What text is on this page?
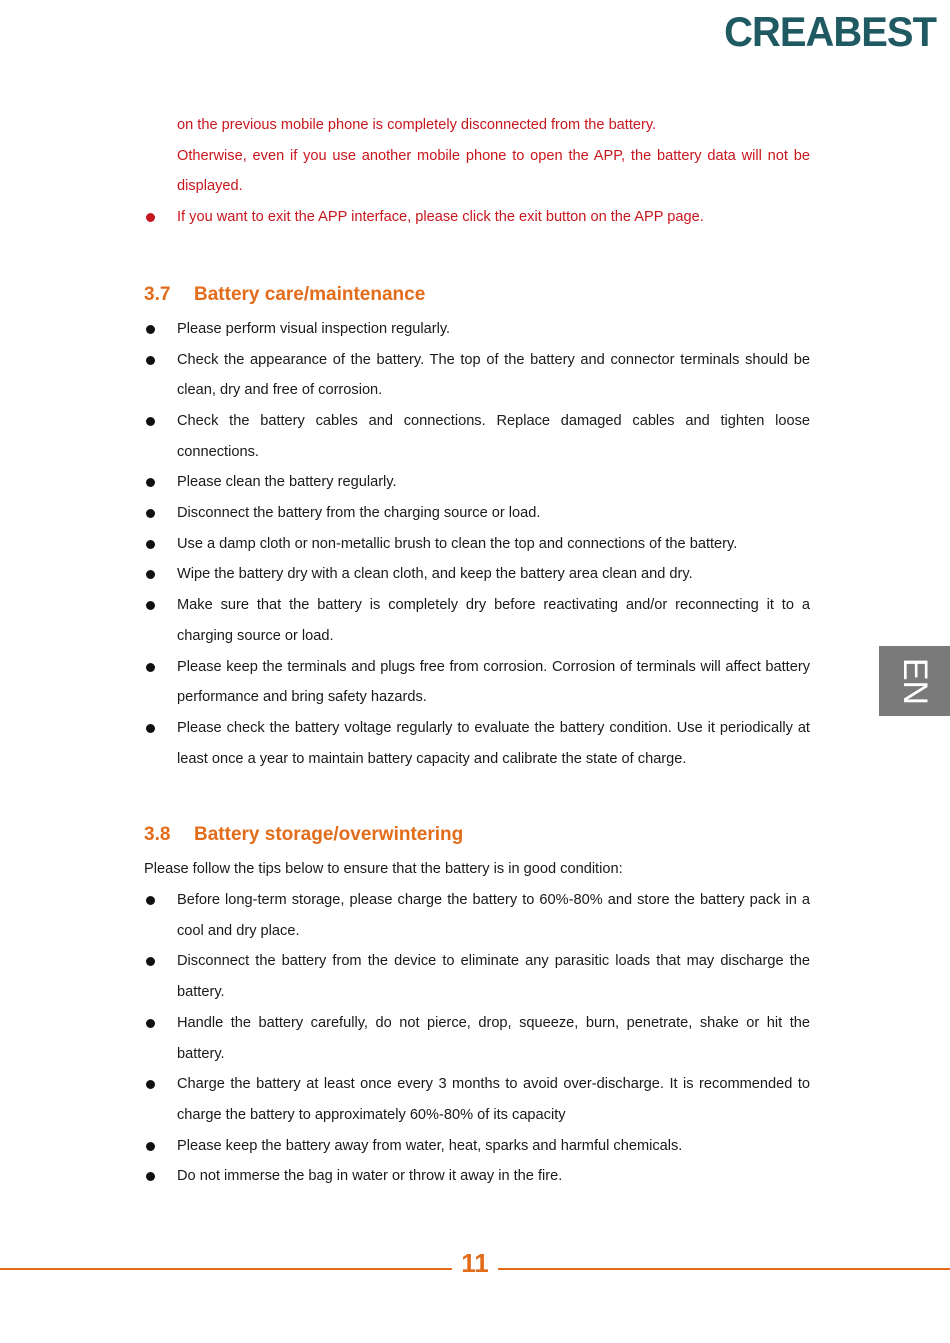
CREABEST
EN
on the previous mobile phone is completely disconnected from the battery.
Otherwise, even if you use another mobile phone to open the APP, the battery data will not be displayed.
If you want to exit the APP interface, please click the exit button on the APP page.
3.7 Battery care/maintenance
Please perform visual inspection regularly.
Check the appearance of the battery. The top of the battery and connector terminals should be clean, dry and free of corrosion.
Check the battery cables and connections. Replace damaged cables and tighten loose connections.
Please clean the battery regularly.
Disconnect the battery from the charging source or load.
Use a damp cloth or non-metallic brush to clean the top and connections of the battery.
Wipe the battery dry with a clean cloth, and keep the battery area clean and dry.
Make sure that the battery is completely dry before reactivating and/or reconnecting it to a charging source or load.
Please keep the terminals and plugs free from corrosion. Corrosion of terminals will affect battery performance and bring safety hazards.
Please check the battery voltage regularly to evaluate the battery condition. Use it periodically at least once a year to maintain battery capacity and calibrate the state of charge.
3.8 Battery storage/overwintering
Please follow the tips below to ensure that the battery is in good condition:
Before long-term storage, please charge the battery to 60%-80% and store the battery pack in a cool and dry place.
Disconnect the battery from the device to eliminate any parasitic loads that may discharge the battery.
Handle the battery carefully, do not pierce, drop, squeeze, burn, penetrate, shake or hit the battery.
Charge the battery at least once every 3 months to avoid over-discharge. It is recommended to charge the battery to approximately 60%-80% of its capacity
Please keep the battery away from water, heat, sparks and harmful chemicals.
Do not immerse the bag in water or throw it away in the fire.
11
